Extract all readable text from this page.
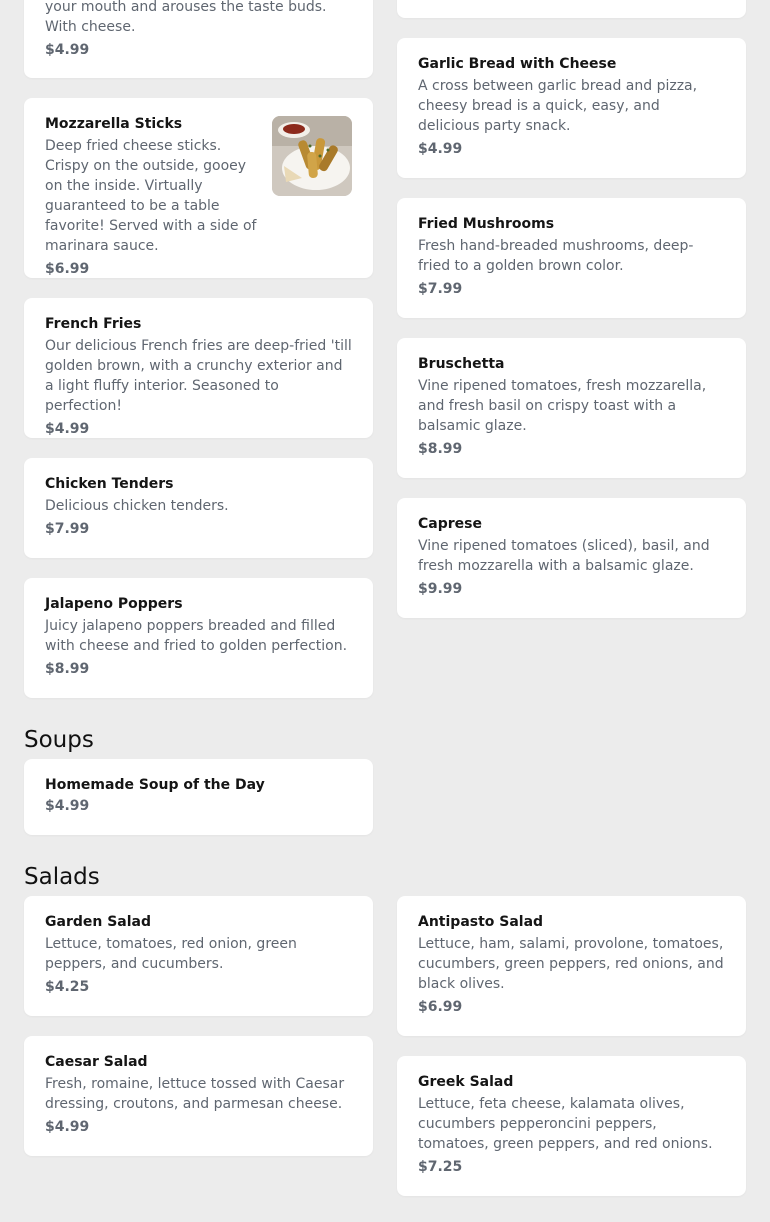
your mouth and arouses the taste buds. With cheese.

$4.99

Mozzarella Sticks

Deep fried cheese sticks. Crispy on the outside, gooey on the inside. Virtually guaranteed to be a table favorite! Served with a side of marinara sauce.

$6.99

French Fries

Our delicious French fries are deep-fried 'till golden brown, with a crunchy exterior and a light fluffy interior. Seasoned to perfection!

$4.99

Chicken Tenders

Delicious chicken tenders.

$7.99

Jalapeno Poppers

Juicy jalapeno poppers breaded and filled with cheese and fried to golden perfection.

$8.99

Garlic Bread with Cheese

A cross between garlic bread and pizza, cheesy bread is a quick, easy, and delicious party snack.

$4.99

Fried Mushrooms

Fresh hand-breaded mushrooms, deep-fried to a golden brown color.

$7.99

Bruschetta

Vine ripened tomatoes, fresh mozzarella, and fresh basil on crispy toast with a balsamic glaze.

$8.99

Caprese

Vine ripened tomatoes (sliced), basil, and fresh mozzarella with a balsamic glaze.

$9.99

Soups

Homemade Soup of the Day

$4.99

Salads

Garden Salad

Lettuce, tomatoes, red onion, green peppers, and cucumbers.

$4.25

Caesar Salad

Fresh, romaine, lettuce tossed with Caesar dressing, croutons, and parmesan cheese.

$4.99

Antipasto Salad

Lettuce, ham, salami, provolone, tomatoes, cucumbers, green peppers, red onions, and black olives.

$6.99

Greek Salad

Lettuce, feta cheese, kalamata olives, cucumbers pepperoncini peppers, tomatoes, green peppers, and red onions.

$7.25
